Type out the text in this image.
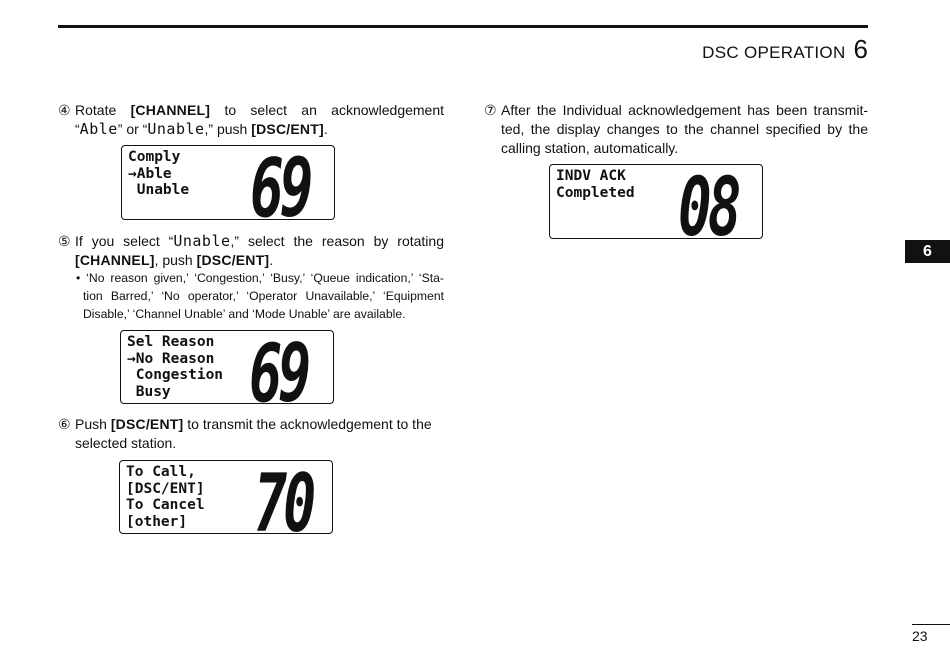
DSC OPERATION 6
6
23
④ Rotate [CHANNEL] to select an acknowledgement
“Able” or “Unable,” push [DSC/ENT].
Comply
→Able
Unable 69
⑤ If you select “Unable,” select the reason by rotating
[CHANNEL], push [DSC/ENT].
• ‘No reason given,’ ‘Congestion,’ ‘Busy,’ ‘Queue indication,’ ‘Sta-
tion Barred,’ ‘No operator,’ ‘Operator Unavailable,’ ‘Equipment
Disable,’ ‘Channel Unable’ and ‘Mode Unable’ are available.
Sel Reason
→No Reason
Congestion
Busy	69
⑥ Push [DSC/ENT] to transmit the acknowledgement to the
selected station.
To Call,
[DSC/ENT]
To Cancel
[other]	70
⑦ After the Individual acknowledgement has been transmit-
ted, the display changes to the channel specified by the
calling station, automatically.
INDV ACK
Completed 08
